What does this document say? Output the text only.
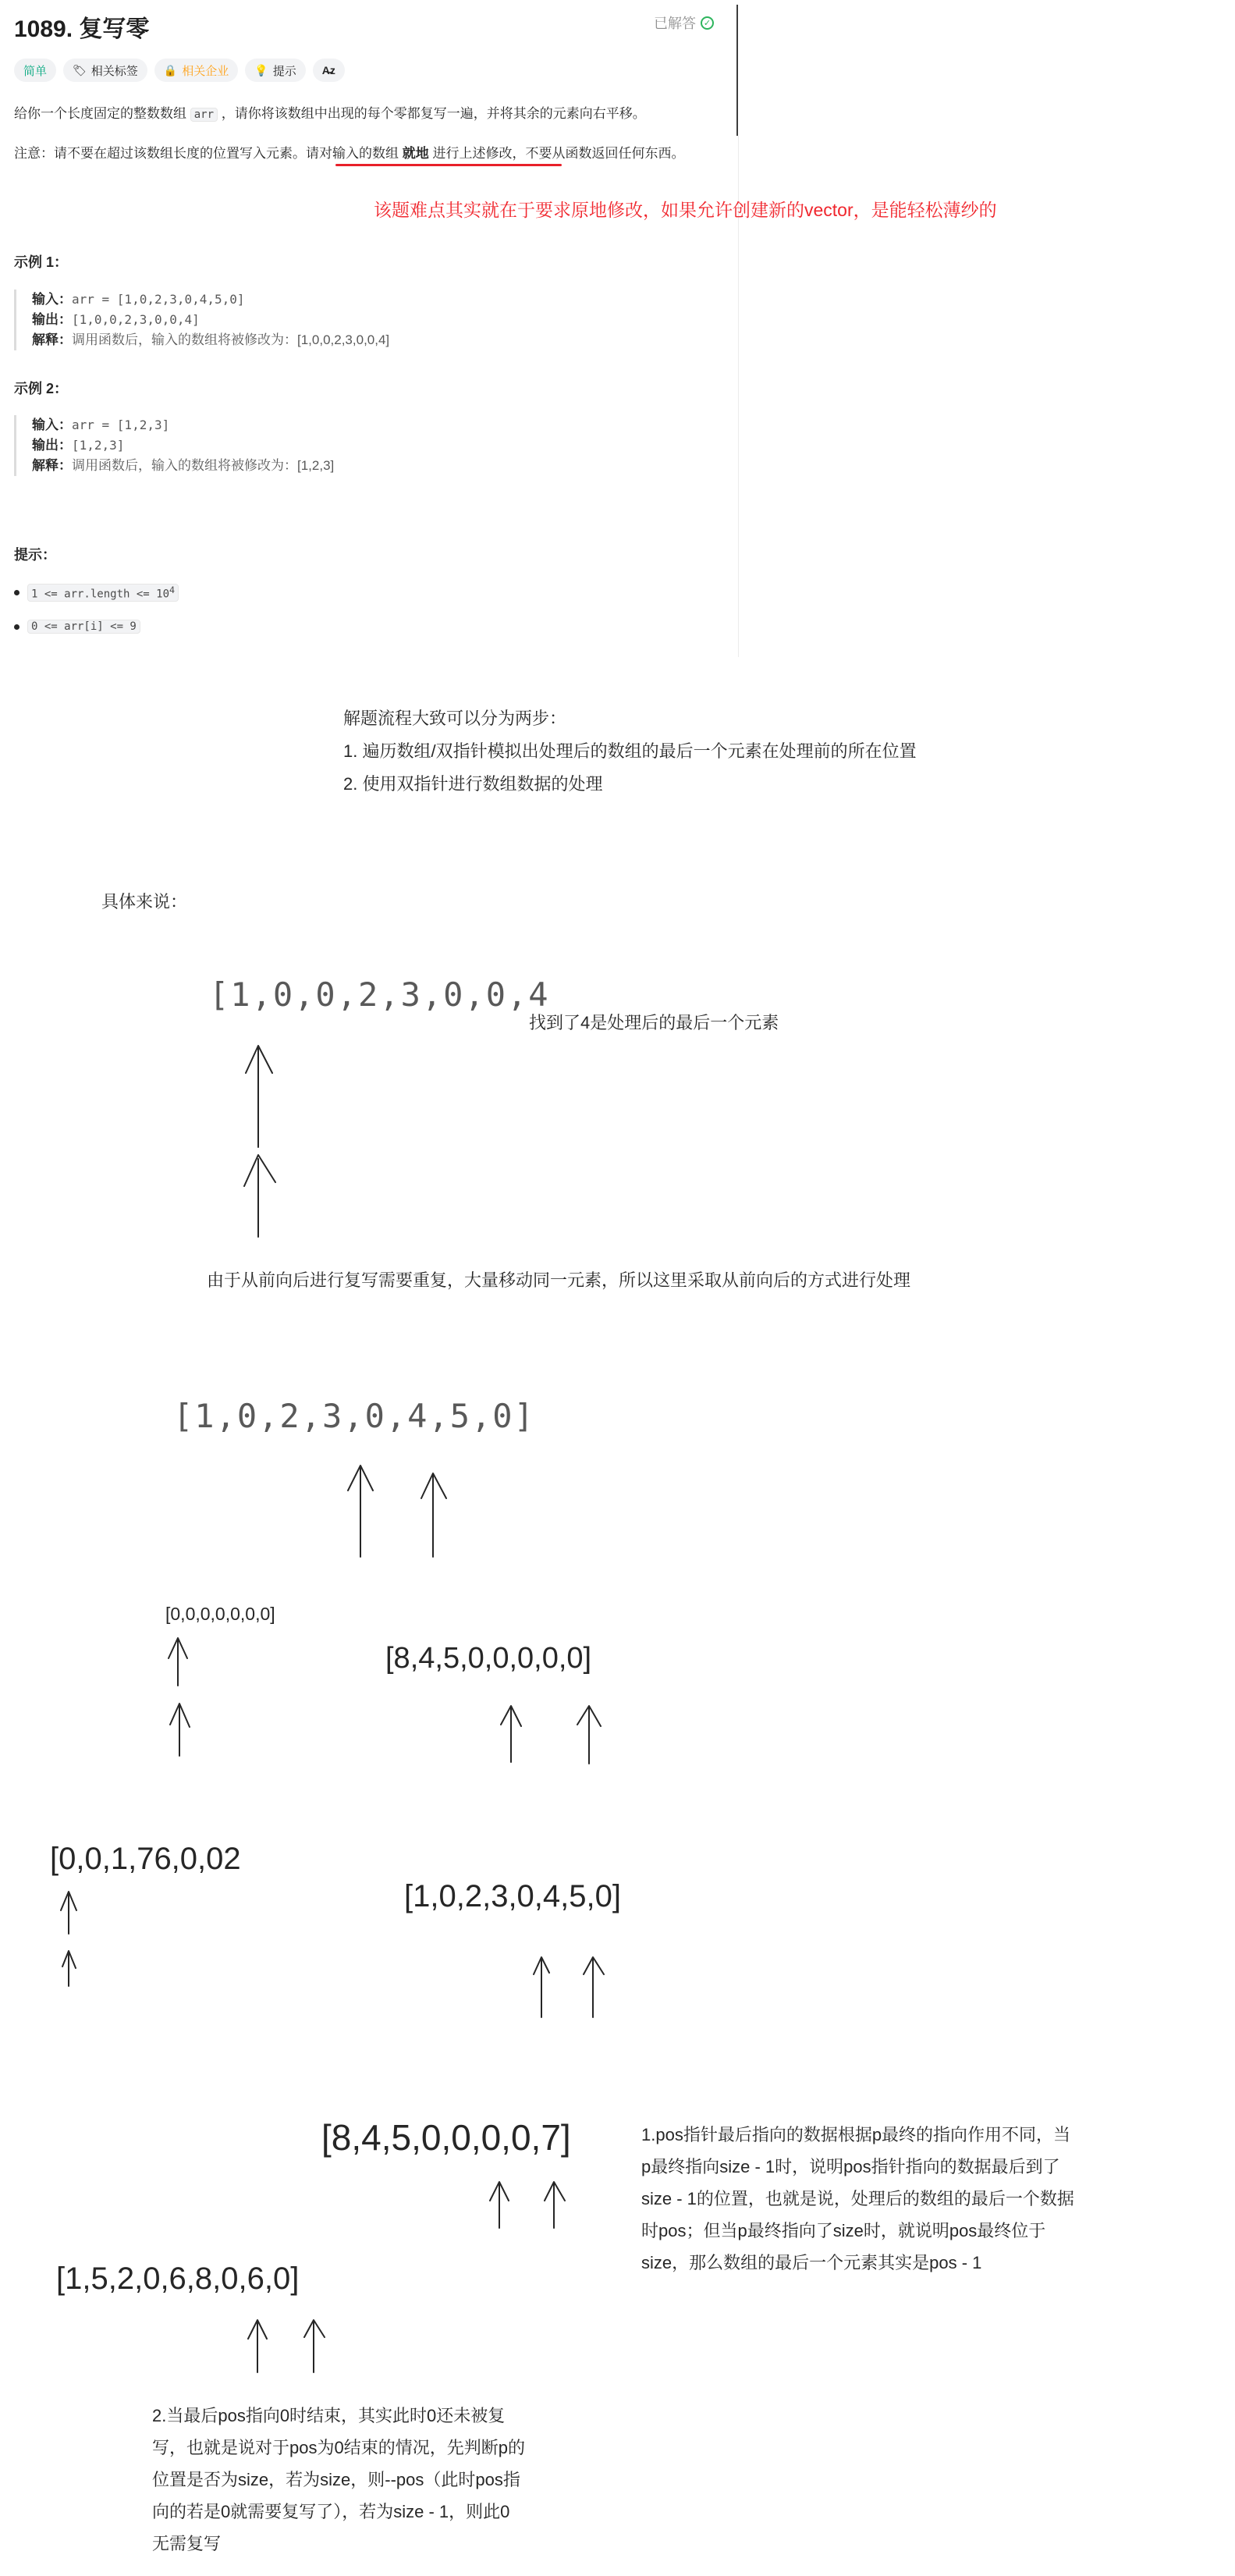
1089. 复写零	已解答 ✓
简单 🏷 相关标签 🔒 相关企业 💡 提示 A̶z
给你一个长度固定的整数数组 arr ，请你将该数组中出现的每个零都复写一遍，并将其余的元素向右平移。
注意：请不要在超过该数组长度的位置写入元素。请对输入的数组 就地 进行上述修改，不要从函数返回任何东西。
该题难点其实就在于要求原地修改，如果允许创建新的vector，是能轻松薄纱的
示例 1：
输入：arr = [1,0,2,3,0,4,5,0]
输出：[1,0,0,2,3,0,0,4]
解释：调用函数后，输入的数组将被修改为：[1,0,0,2,3,0,0,4]
示例 2：
输入：arr = [1,2,3]
输出：[1,2,3]
解释：调用函数后，输入的数组将被修改为：[1,2,3]
提示：
1 <= arr.length <= $10^4$
0 <= arr[i] <= 9
解题流程大致可以分为两步：
1. 遍历数组/双指针模拟出处理后的数组的最后一个元素在处理前的所在位置
2. 使用双指针进行数组数据的处理
具体来说：
[1,0,0,2,3,0,0,4
找到了4是处理后的最后一个元素
由于从前向后进行复写需要重复，大量移动同一元素，所以这里采取从前向后的方式进行处理
[1,0,2,3,0,4,5,0]
[0,0,0,0,0,0,0]
[8,4,5,0,0,0,0,0]
[0,0,1,76,0,02
[1,0,2,3,0,4,5,0]
[8,4,5,0,0,0,0,7]
[1,5,2,0,6,8,0,6,0]
1.pos指针最后指向的数据根据p最终的指向作用不同，当p最终指向size - 1时，说明pos指针指向的数据最后到了size - 1的位置，也就是说，处理后的数组的最后一个数据时pos；但当p最终指向了size时，就说明pos最终位于size，那么数组的最后一个元素其实是pos - 1
2.当最后pos指向0时结束，其实此时0还未被复写，也就是说对于pos为0结束的情况，先判断p的位置是否为size，若为size，则--pos（此时pos指向的若是0就需要复写了），若为size - 1，则此0无需复写
